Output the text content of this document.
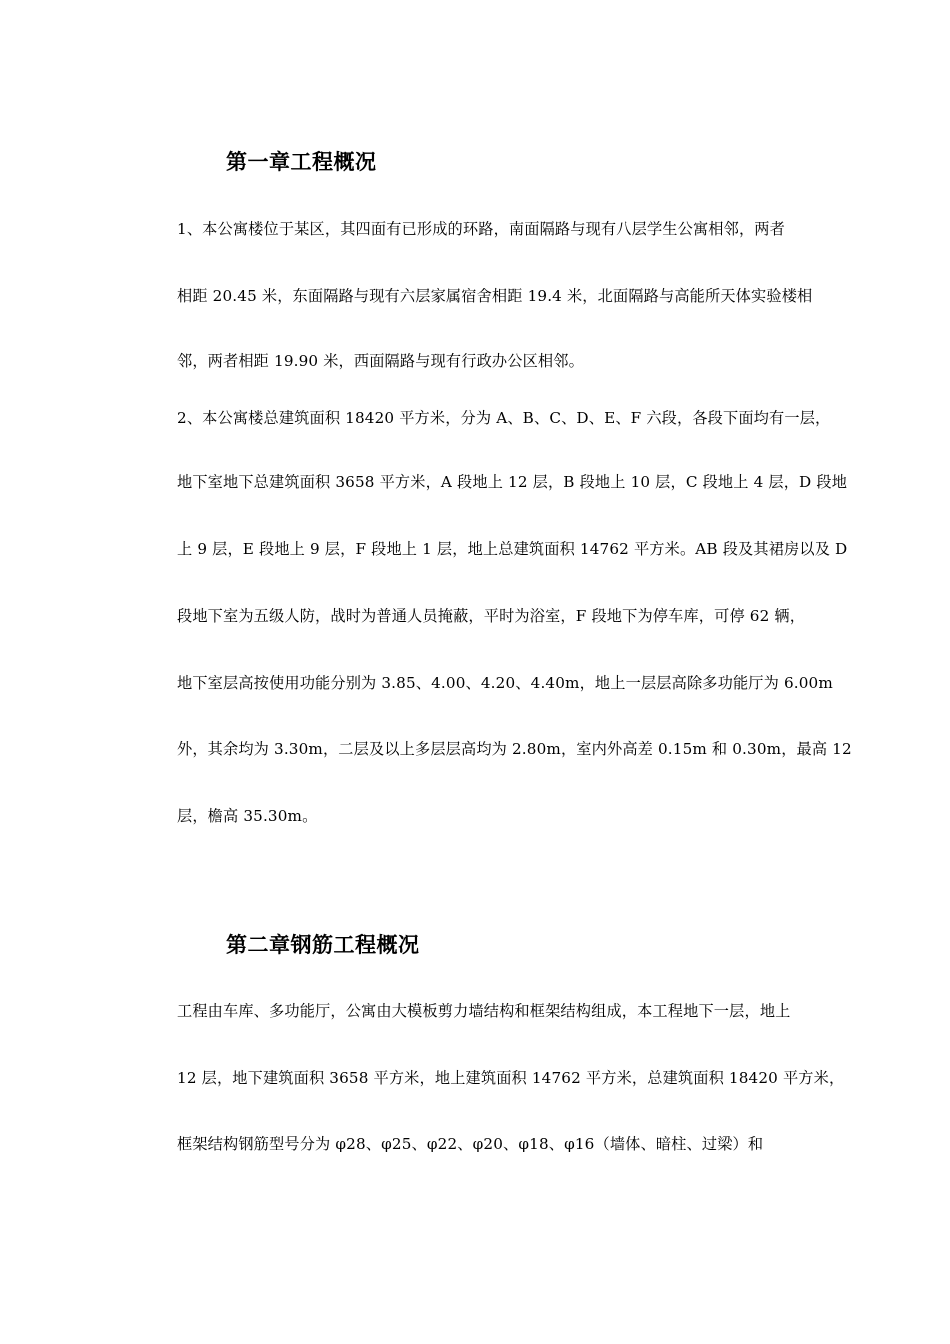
第一章工程概况

1、本公寓楼位于某区，其四面有已形成的环路，南面隔路与现有八层学生公寓相邻，两者

相距 20.45 米，东面隔路与现有六层家属宿舍相距 19.4 米，北面隔路与高能所天体实验楼相

邻，两者相距 19.90 米，西面隔路与现有行政办公区相邻。

2、本公寓楼总建筑面积 18420 平方米，分为 A、B、C、D、E、F 六段，各段下面均有一层，

地下室地下总建筑面积 3658 平方米，A 段地上 12 层，B 段地上 10 层，C 段地上 4 层，D 段地

上 9 层，E 段地上 9 层，F 段地上 1 层，地上总建筑面积 14762 平方米。AB 段及其裙房以及 D

段地下室为五级人防，战时为普通人员掩蔽，平时为浴室，F 段地下为停车库，可停 62 辆，

地下室层高按使用功能分别为 3.85、4.00、4.20、4.40m，地上一层层高除多功能厅为 6.00m

外，其余均为 3.30m，二层及以上多层层高均为 2.80m，室内外高差 0.15m 和 0.30m，最高 12

层，檐高 35.30m。

第二章钢筋工程概况

工程由车库、多功能厅，公寓由大模板剪力墙结构和框架结构组成，本工程地下一层，地上

12 层，地下建筑面积 3658 平方米，地上建筑面积 14762 平方米，总建筑面积 18420 平方米，

框架结构钢筋型号分为 φ28、φ25、φ22、φ20、φ18、φ16（墙体、暗柱、过梁）和
